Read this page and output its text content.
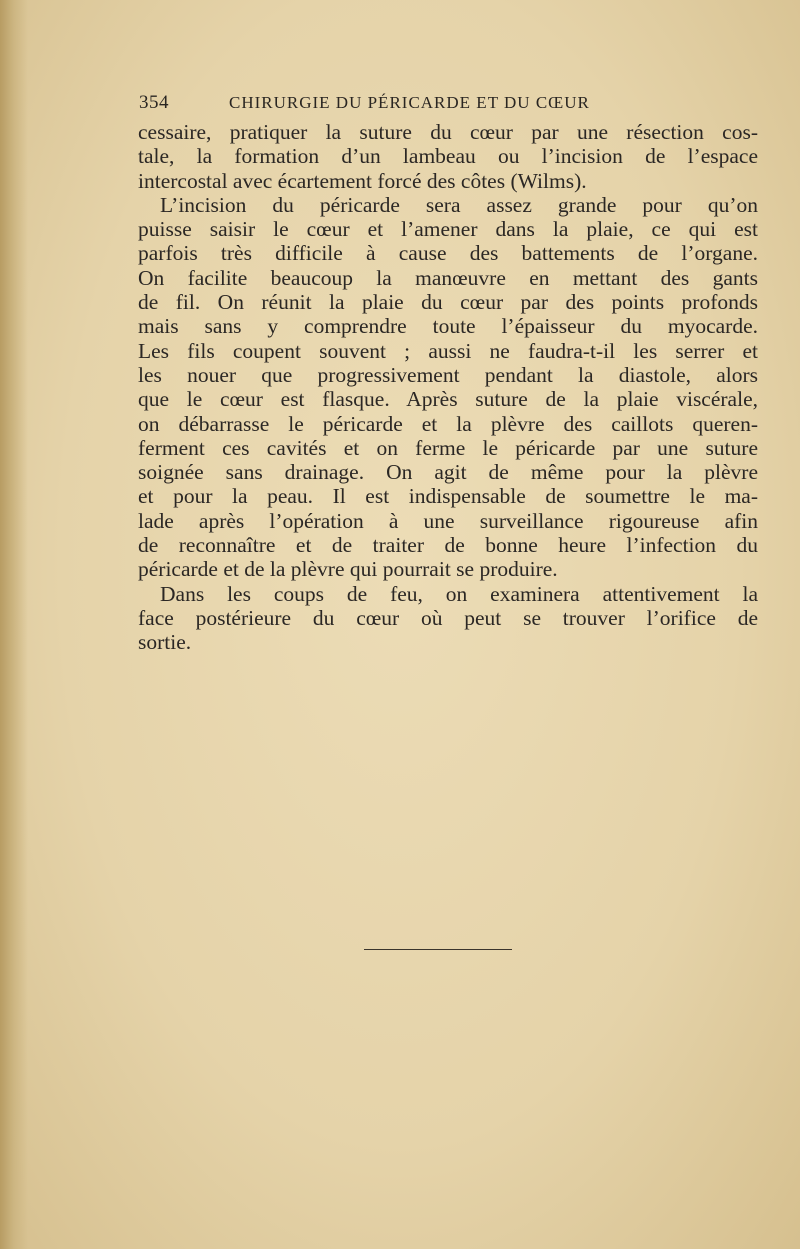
354	CHIRURGIE DU PÉRICARDE ET DU CŒUR
cessaire, pratiquer la suture du cœur par une résection cos-
tale, la formation d’un lambeau ou l’incision de l’espace
intercostal avec écartement forcé des côtes (Wilms).
L’incision du péricarde sera assez grande pour qu’on
puisse saisir le cœur et l’amener dans la plaie, ce qui est
parfois très difficile à cause des battements de l’organe.
On facilite beaucoup la manœuvre en mettant des gants
de fil. On réunit la plaie du cœur par des points profonds
mais sans y comprendre toute l’épaisseur du myocarde.
Les fils coupent souvent ; aussi ne faudra-t-il les serrer et
les nouer que progressivement pendant la diastole, alors
que le cœur est flasque. Après suture de la plaie viscérale,
on débarrasse le péricarde et la plèvre des caillots queren-
ferment ces cavités et on ferme le péricarde par une suture
soignée sans drainage. On agit de même pour la plèvre
et pour la peau. Il est indispensable de soumettre le ma-
lade après l’opération à une surveillance rigoureuse afin
de reconnaître et de traiter de bonne heure l’infection du
péricarde et de la plèvre qui pourrait se produire.
Dans les coups de feu, on examinera attentivement la
face postérieure du cœur où peut se trouver l’orifice de
sortie.
